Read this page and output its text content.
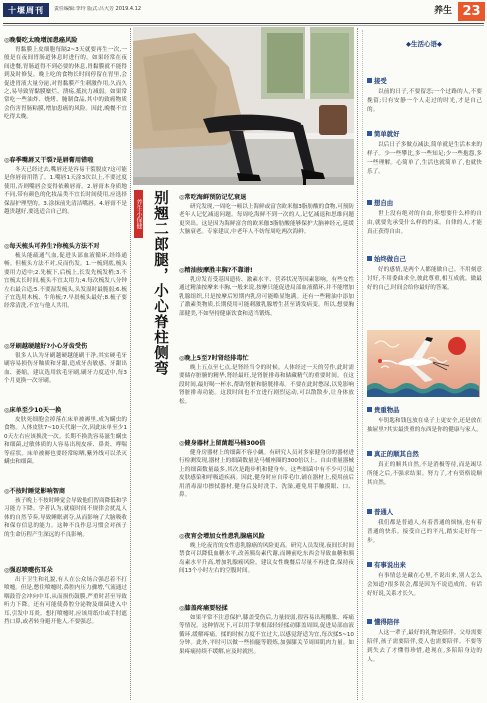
十堰周刊	责任编辑:李玲 版式:吕大芳 2019.4.12	养生 23
◎晚餐吃太晚增加患癌风险

胃黏膜上皮细胞每隔2~3天就要再生一次,一般是在夜间胃肠道休息时进行的。如果经常在夜间进餐,胃肠道得不到必要的休息,胃黏膜就不能得到及时修复。晚上吃的食物长时间停留在胃里,会促进胃液大量分泌,对胃黏膜产生刺激作用,久而久之,易导致胃黏膜糜烂、溃疡,抵抗力减弱。如果常常吃一些油炸、烧烤、腌制食品,其中的致癌物质会伤害胃肠粘膜,增加患癌的风险。因此,晚餐不宜吃得太晚。

◎春季嘴唇又干裂?是唇膏用错啦

冬天已经过去,嘴唇还是容易干裂脱皮?这可能是你唇膏用错了。1.嘴唇1天涂3次以上,不要过度使用,否则嘴唇会变得依赖唇膏。2.唇膏本身质地不同,带有颜色的化妆品类不宜长时间使用,应选择保湿护理型的。3.涂抹前先清洁嘴唇。4.唇膏不是越贵越好,要选适合自己的。

◎每天梳头可养生?你梳头方法不对

梳头能疏通气血,促进头部血液循环,经络通畅。但梳头方法不对,反而伤发。1.一梳到底,梳头要用力适中;2.先梳下,后梳上,长发先梳发梢;3.不宜梳太长时间,梳头不宜太用力;4.每次梳发八分钟左右最合适;5.不要湿发梳头,头发湿时最脆弱;6.梳子宜选用木梳、牛角梳;7.早晨梳头最好;8.梳子要经常清洗,不宜与他人共用。

◎牙刷越硬越好?小心牙齿受伤

很多人认为牙刷越硬越能刷干净,其实硬毛牙刷容易损伤牙釉质和牙龈,造成牙齿敏感、牙龈出血、萎缩。建议选用软毛牙刷,刷牙力度适中,每3个月更换一次牙刷。

◎床单至少10天一换

皮肤死细胞会掉落在床单被褥里,成为螨虫的食物。人体皮肤7~10天代谢一次,因此床单至少10天左右应该换洗一次。长期不换洗容易滋生螨虫和细菌,过敏体质的人容易出现皮疹、鼻炎、哮喘等症状。床单被褥也要经常晾晒,紫外线可以杀灭螨虫和细菌。

◎不按时睡觉影响智商

孩子晚上不按时睡觉会导致他们智商降低和学习能力下降。学者认为,就寝时间不规律会扰乱人体的自然节奏,导致睡眠剥夺,从而影响了大脑吸收和保存信息的能力。这种不良作息习惯会对孩子的生命历程产生深远的不良影响。

◎强忍喷嚏伤耳朵

出于卫生和礼貌,有人在公众场合强忍着不打喷嚏。但是,憋住喷嚏时,鼻腔内压力骤增,气流通过咽鼓管会冲向中耳,从而损伤鼓膜,严重时甚至导致听力下降。还有可能使鼻腔分泌物及细菌进入中耳,引发中耳炎。想打喷嚏时,应该用纸巾或手肘遮挡口鼻,或者转身避开他人,不要强忍。

养生小保健 别翘二郎腿，小心脊柱侧弯	◎常吃海鲜预防记忆衰退

研究发现,一周吃一顿以上海鲜或富含欧米伽3脂肪酸的食物,可预防老年人记忆减退问题。每周吃海鲜不到一次的人,记忆减退和思维问题更突出。这是因为海鲜富含的欧米伽3脂肪酸能够保护大脑神经元,延缓大脑衰老。专家建议,中老年人不妨每周吃两次海鲜。

◎精油按摩胜丰胸?不靠谱!

乳房发育受基因遗传、激素水平、营养状况等因素影响。有些女性通过精油按摩来丰胸,一般来说,按摩只能促进局部血液循环,并不能增加乳腺组织,只是按摩后短期内乳房可能略显饱满。还有一些精油中添加了激素类物质,长期使用可能刺激乳腺增生甚至诱发病变。所以,想要胸部健美,不如坚持健康饮食和适当锻炼。

◎晚上5至7时肾经排毒忙

晚上五点至七点,是肾经当令的时候。人体经过一天的劳作,此时需要储存脏腑的精华,肾经最旺,是肾脏排毒和储藏精气的重要时间。在这段时间,最好喝一杯水,帮助肾脏和膀胱排毒。不要在此时憋尿,以免影响肾脏排毒功能。这段时间也不宜进行剧烈运动,可以散散步,让身体放松。

◎健身器材上留菌超马桶300倍

健身房器材上的细菌不容小觑。有研究人员对多家健身房的器材进行检测发现,器材上的细菌数量是马桶座圈的300倍以上。自由重量器械上的细菌数量最多,其次是跑步机和健身车。这些细菌中有不少可引起皮肤感染和呼吸道疾病。因此,健身时应自带毛巾,铺在器材上,使用前后用消毒湿巾擦拭器材,健身后及时洗手、洗澡,避免用手触摸眼、口、鼻。

◎夜宵会增加女性患乳腺癌风险

晚上吃夜宵的女性患乳腺癌的风险更高。研究人员发现,夜间长时间禁食可以降低血糖水平,改善胰岛素代谢,而睡前吃东西会导致血糖和胰岛素水平升高,增加乳腺癌风险。建议女性晚餐后尽量不再进食,保持夜间13个小时左右的空腹时间。

◎膝盖疼痛要轻揉

如果平常不注意保护,膝盖受伤后,力量较弱,很容易出现酸胀、疼痛等情况。这种情况下,可以用手掌根部轻轻揉动膝盖周围,促进局部血液循环,缓解疼痛。揉的时候力度不宜过大,以感觉舒适为宜,每次揉5~10分钟。此外,平时可以做一些抬腿等锻炼,加强膝关节周围肌肉力量。如果疼痛持续不缓解,应及时就医。

◆生活心语◆
接受

以前的日子,不要留恋;一个过路的人,不要挽留;只有安静一个人走过的时光,才是自己的。

简单就好

以后日子多做点减法,简单就是生活本来的样子。少一些攀比,多一些知足;少一些抱怨,多一些理解。心简单了,生活也就简单了,也就快乐了。

想自由

世上没有绝对的自由,你想要什么样的自由,就要先承受什么样的约束。自律的人,才能真正获得自由。

始终做自己

好的感情,是两个人都能做自己。不用刻意讨好,不用委曲求全,彼此尊重,相互成就。做最好的自己,时间会给你最好的答案。

贵重物品

车钥匙和钱包放在桌子上更安全,还是放在抽屉里?其实最贵重的东西是你的健康与家人。

真正的顺其自然

真正的顺其自然,不是消极等待,而是竭尽所能之后,不强求结果。努力了,才有资格说顺其自然。

普通人

我们都是普通人,有着普通的烦恼,也有着普通的快乐。接受自己的平凡,踏实走好每一步。

有事说出来

有事情总是藏在心里,不说出来,别人怎么会知道?很多误会,都是因为不说造成的。有话好好说,关系才长久。

懂得陪伴

人这一辈子,最好的礼物是陪伴。父母需要陪伴,孩子需要陪伴,爱人也需要陪伴。不要等到失去了才懂得珍惜,趁现在,多陪陪身边的人。
